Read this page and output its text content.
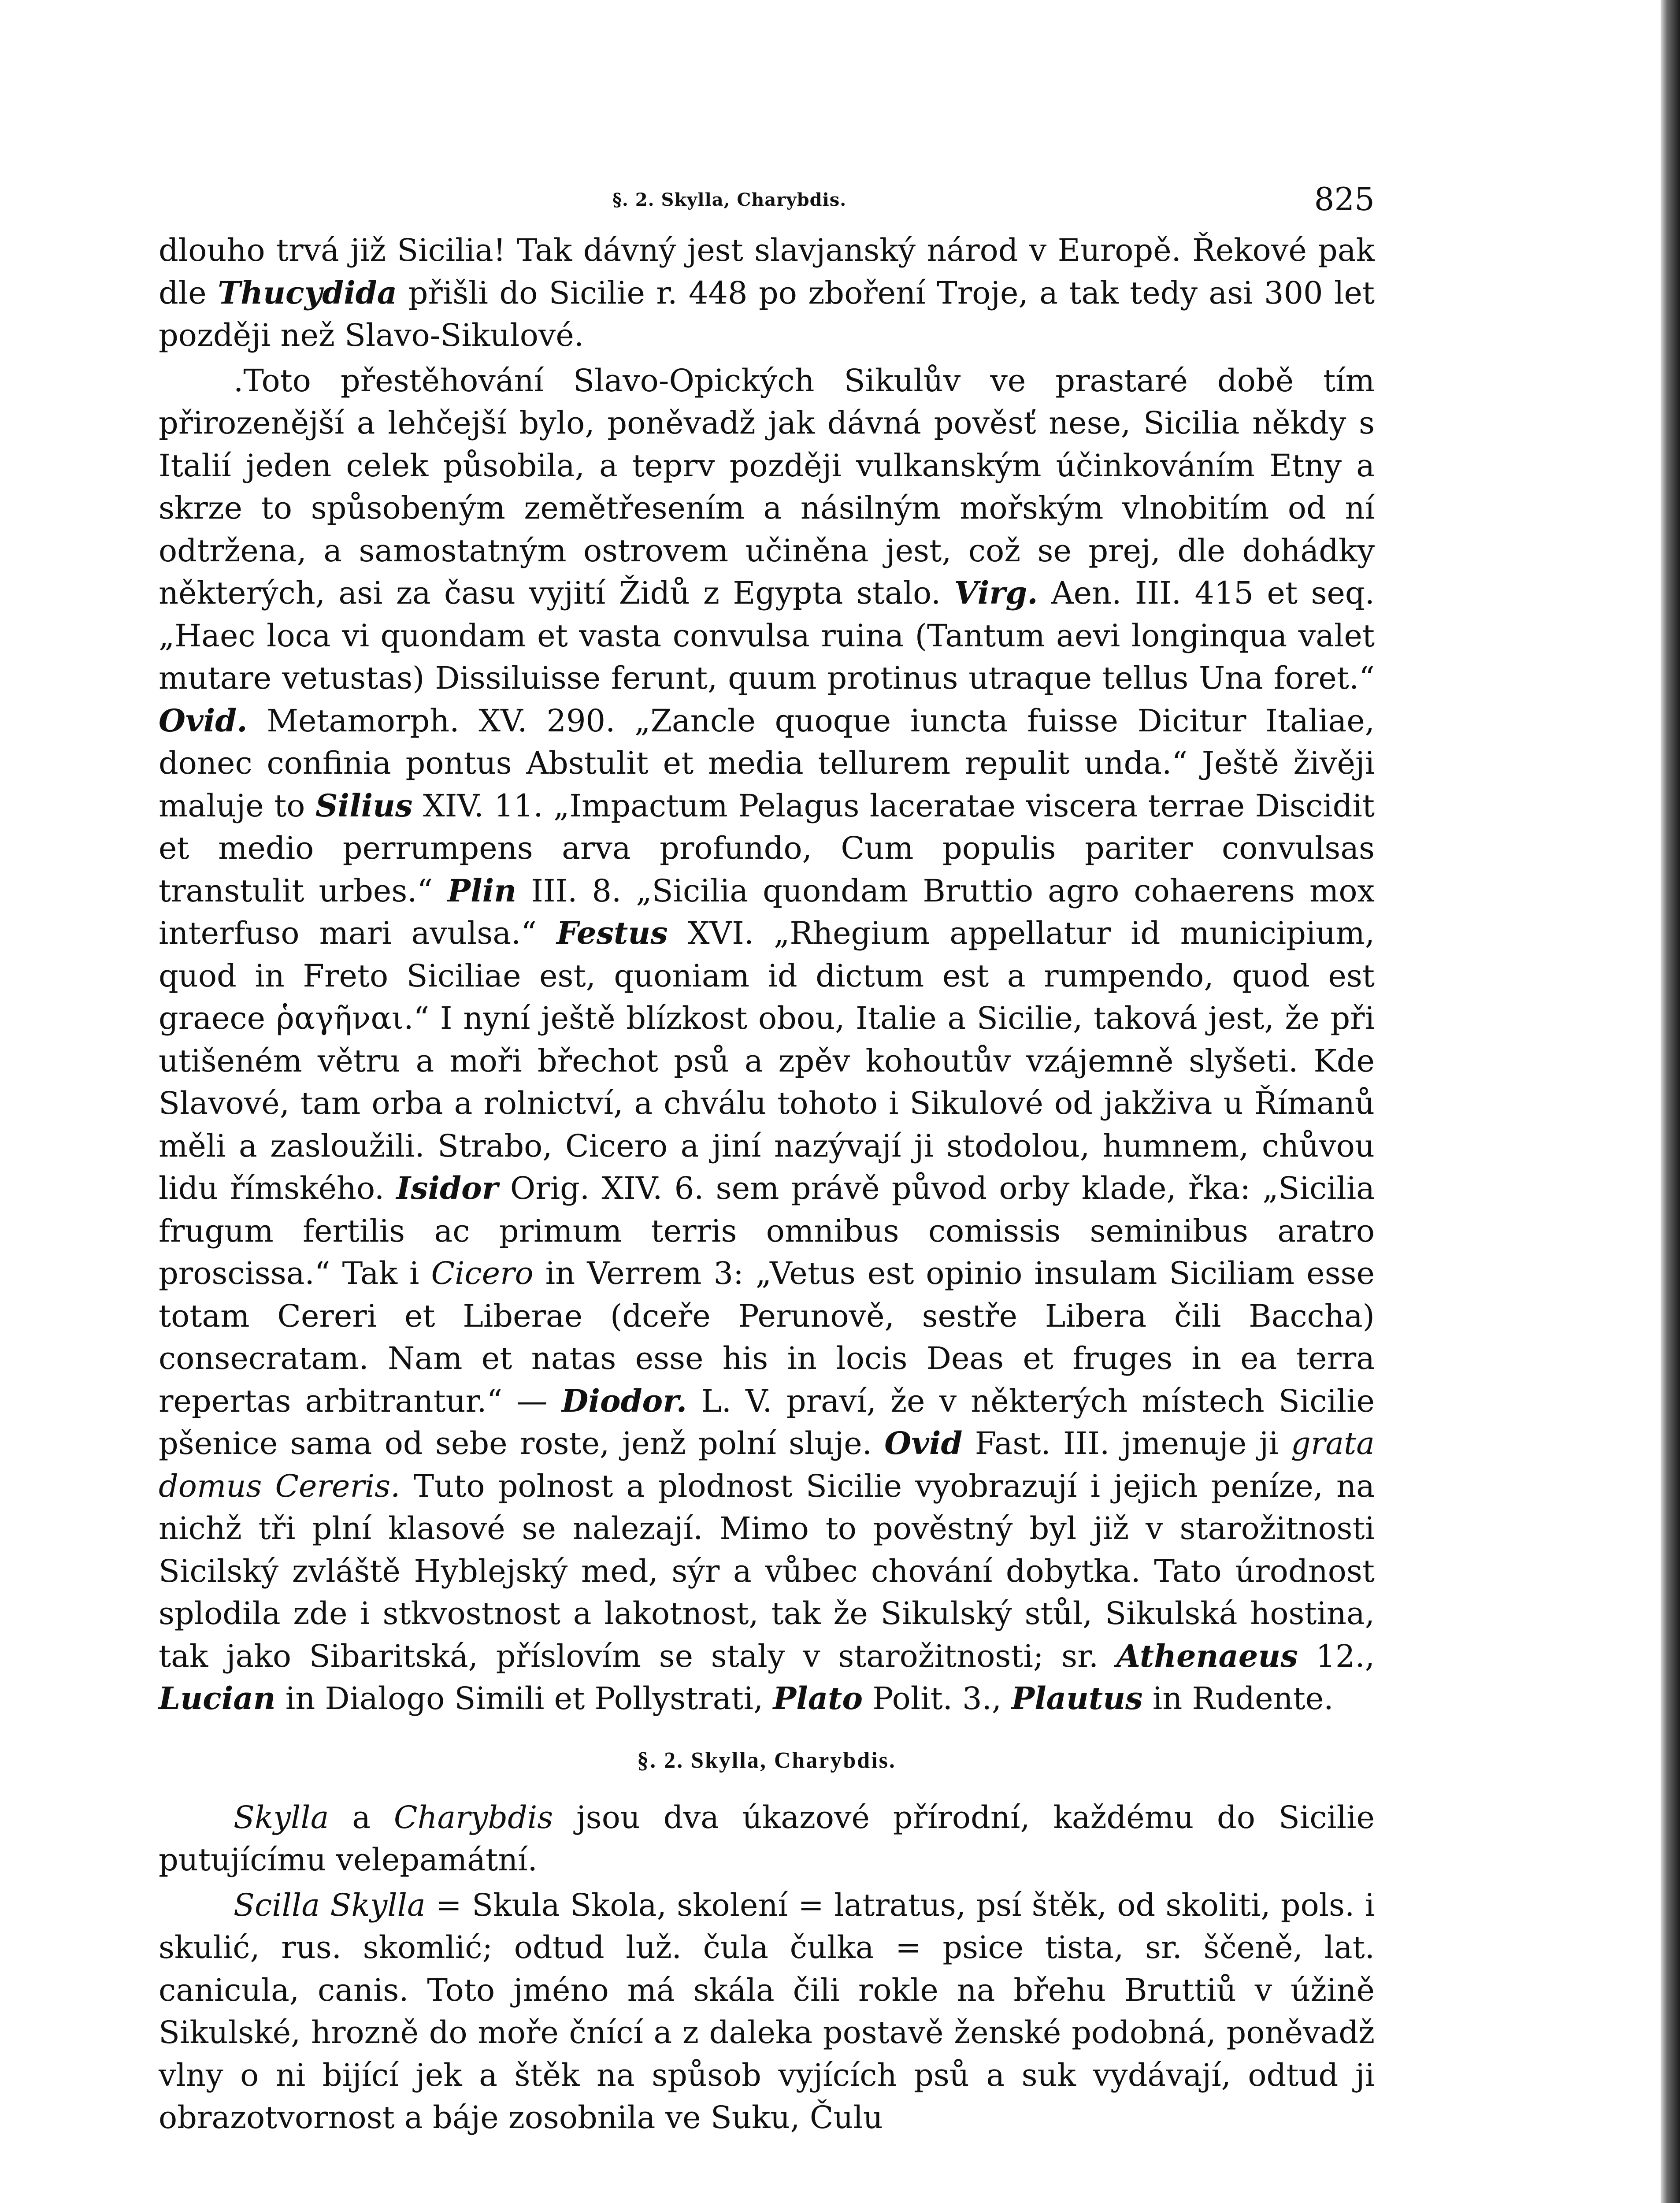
§. 2. Skylla, Charybdis.	825

dlouho trvá již Sicilia! Tak dávný jest slavjanský národ v Europě. Řekové pak dle Thucydida přišli do Sicilie r. 448 po zboření Troje, a tak tedy asi 300 let později než Slavo-Sikulové.

.Toto přestěhování Slavo-Opických Sikulův ve prastaré době tím přirozenější a lehčejší bylo, poněvadž jak dávná pověsť nese, Sicilia někdy s Italií jeden celek působila, a teprv později vulkanským účinkováním Etny a skrze to spůsobeným zemětřesením a násilným mořským vlnobitím od ní odtržena, a samostatným ostrovem učiněna jest, což se prej, dle dohádky některých, asi za času vyjití Židů z Egypta stalo. Virg. Aen. III. 415 et seq. „Haec loca vi quondam et vasta convulsa ruina (Tantum aevi longinqua valet mutare vetustas) Dissiluisse ferunt, quum protinus utraque tellus Una foret.“ Ovid. Metamorph. XV. 290. „Zancle quoque iuncta fuisse Dicitur Italiae, donec confinia pontus Abstulit et media tellurem repulit unda.“ Ještě živěji maluje to Silius XIV. 11. „Impactum Pelagus laceratae viscera terrae Discidit et medio perrumpens arva profundo, Cum populis pariter convulsas transtulit urbes.“ Plin III. 8. „Sicilia quondam Bruttio agro cohaerens mox interfuso mari avulsa.“ Festus XVI. „Rhegium appellatur id municipium, quod in Freto Siciliae est, quoniam id dictum est a rumpendo, quod est graece ῥαγῆναι.“ I nyní ještě blízkost obou, Italie a Sicilie, taková jest, že při utišeném větru a moři břechot psů a zpěv kohoutův vzájemně slyšeti. Kde Slavové, tam orba a rolnictví, a chválu tohoto i Sikulové od jakživa u Římanů měli a zasloužili. Strabo, Cicero a jiní nazývají ji stodolou, humnem, chůvou lidu římského. Isidor Orig. XIV. 6. sem právě původ orby klade, řka: „Sicilia frugum fertilis ac primum terris omnibus comissis seminibus aratro proscissa.“ Tak i Cicero in Verrem 3: „Vetus est opinio insulam Siciliam esse totam Cereri et Liberae (dceře Perunově, sestře Libera čili Baccha) consecratam. Nam et natas esse his in locis Deas et fruges in ea terra repertas arbitrantur.“ — Diodor. L. V. praví, že v některých místech Sicilie pšenice sama od sebe roste, jenž polní sluje. Ovid Fast. III. jmenuje ji grata domus Cereris. Tuto polnost a plodnost Sicilie vyobrazují i jejich peníze, na nichž tři plní klasové se nalezají. Mimo to pověstný byl již v starožitnosti Sicilský zvláště Hyblejský med, sýr a vůbec chování dobytka. Tato úrodnost splodila zde i stkvostnost a lakotnost, tak že Sikulský stůl, Sikulská hostina, tak jako Sibaritská, příslovím se staly v starožitnosti; sr. Athenaeus 12., Lucian in Dialogo Simili et Pollystrati, Plato Polit. 3., Plautus in Rudente.

§. 2. Skylla, Charybdis.

Skylla a Charybdis jsou dva úkazové přírodní, každému do Sicilie putujícímu velepamátní.

Scilla Skylla = Skula Skola, skolení = latratus, psí štěk, od skoliti, pols. i skulić, rus. skomlić; odtud luž. čula čulka = psice tista, sr. ščeně, lat. canicula, canis. Toto jméno má skála čili rokle na břehu Bruttiů v úžině Sikulské, hrozně do moře čnící a z daleka postavě ženské podobná, poněvadž vlny o ni bijící jek a štěk na spůsob vyjících psů a suk vydávají, odtud ji obrazotvornost a báje zosobnila ve Suku, Čulu
